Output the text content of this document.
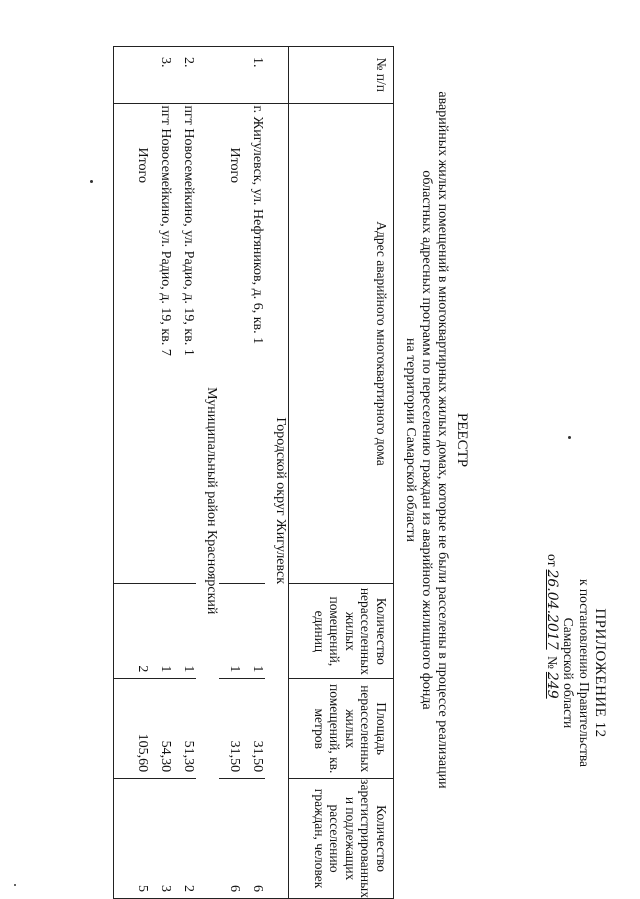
ПРИЛОЖЕНИЕ 12
к постановлению Правительства
Самарской области
от26.04.2017 №249
РЕЕСТР
аварийных жилых помещений в многоквартирных жилых домах, которые не были расселены в процессе реализации
областных адресных программ по переселению граждан из аварийного жилищного фонда
на территории Самарской области
№ п/п	Адрес аварийного многоквартирного дома	Количество нерасселенных жилых помещений, единиц	Площадь нерасселенных жилых помещений, кв. метров	Количество зарегистрированных и подлежащих расселению граждан, человек
	Городской округ Жигулевск			
1.	г. Жигулевск, ул. Нефтяников, д. 6, кв. 1	1	31,50	6
	Итого	1	31,50	6
	Муниципальный район Красноярский			
2.	пгт Новосемейкино, ул. Радио, д. 19, кв. 1	1	51,30	2
3.	пгт Новосемейкино, ул. Радио, д. 19, кв. 7	1	54,30	3
	Итого	2	105,60	5
